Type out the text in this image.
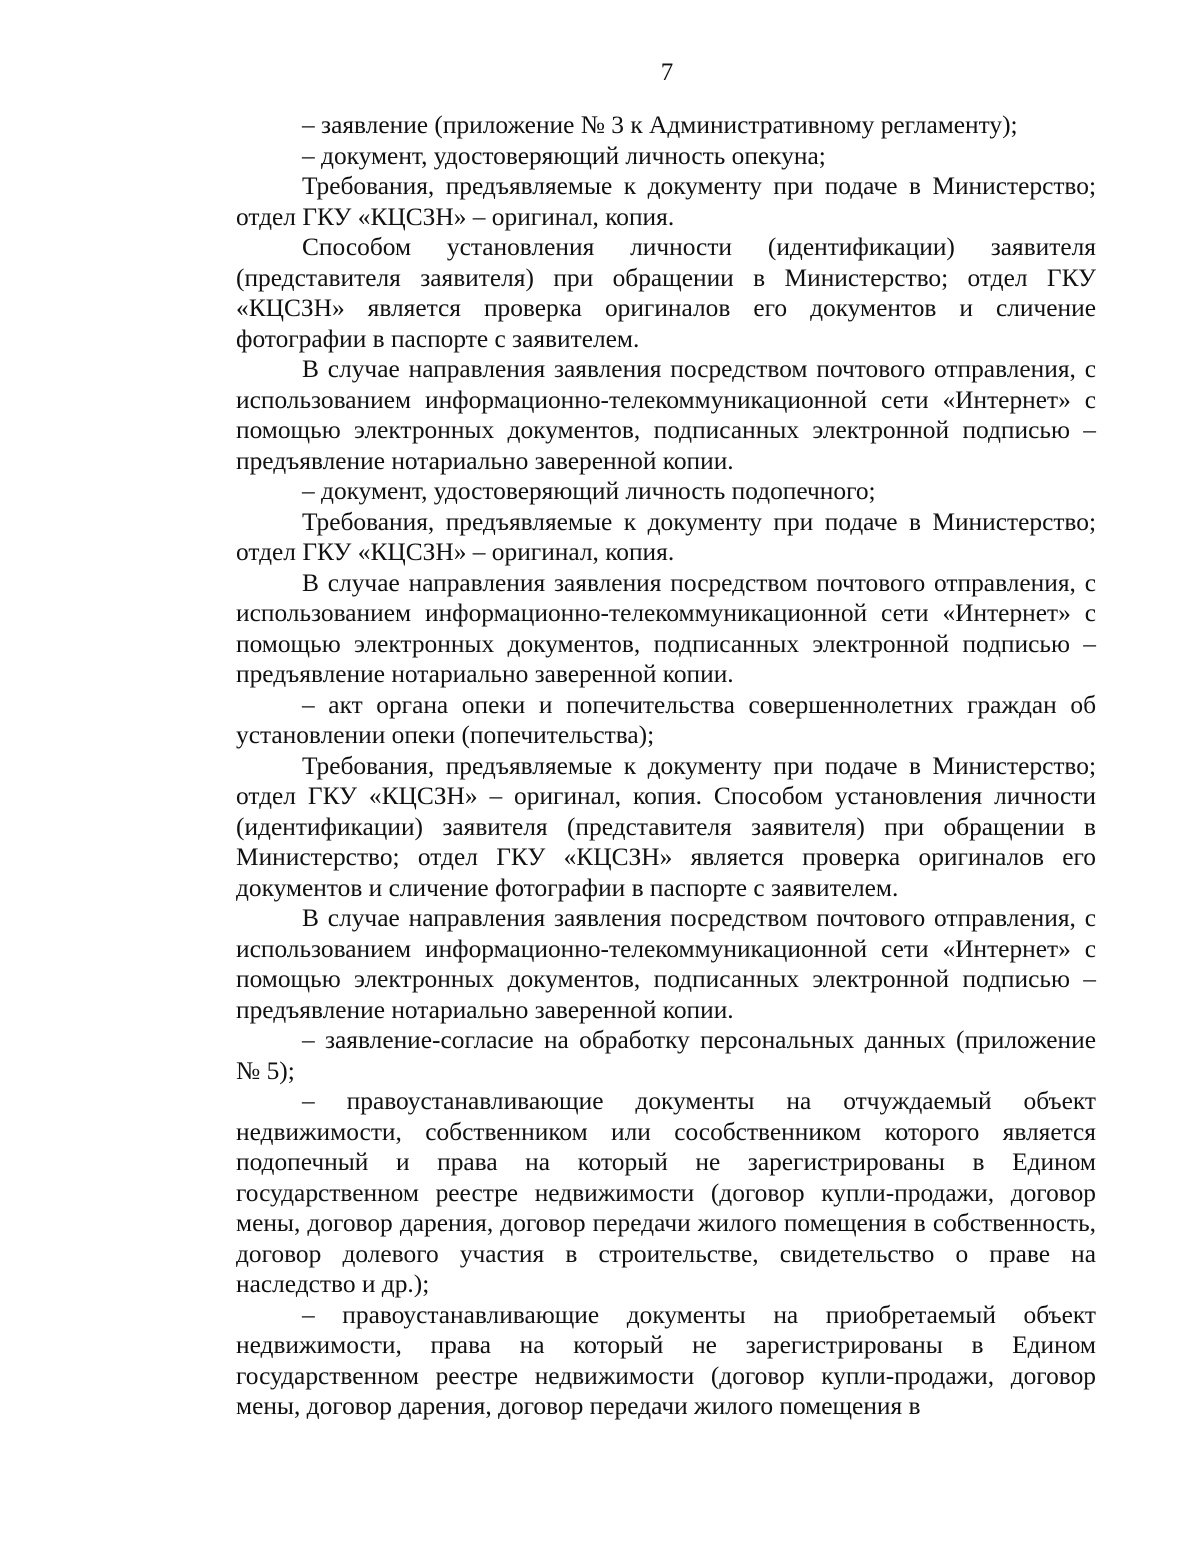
7

– заявление (приложение № 3 к Административному регламенту);

– документ, удостоверяющий личность опекуна;

Требования, предъявляемые к документу при подаче в Министерство; отдел ГКУ «КЦСЗН» – оригинал, копия.

Способом установления личности (идентификации) заявителя (представителя заявителя) при обращении в Министерство; отдел ГКУ «КЦСЗН» является проверка оригиналов его документов и сличение фотографии в паспорте с заявителем.

В случае направления заявления посредством почтового отправления, с использованием информационно-телекоммуникационной сети «Интернет» с помощью электронных документов, подписанных электронной подписью – предъявление нотариально заверенной копии.

– документ, удостоверяющий личность подопечного;

Требования, предъявляемые к документу при подаче в Министерство; отдел ГКУ «КЦСЗН» – оригинал, копия.

В случае направления заявления посредством почтового отправления, с использованием информационно-телекоммуникационной сети «Интернет» с помощью электронных документов, подписанных электронной подписью – предъявление нотариально заверенной копии.

– акт органа опеки и попечительства совершеннолетних граждан об установлении опеки (попечительства);

Требования, предъявляемые к документу при подаче в Министерство; отдел ГКУ «КЦСЗН» – оригинал, копия. Способом установления личности (идентификации) заявителя (представителя заявителя) при обращении в Министерство; отдел ГКУ «КЦСЗН» является проверка оригиналов его документов и сличение фотографии в паспорте с заявителем.

В случае направления заявления посредством почтового отправления, с использованием информационно-телекоммуникационной сети «Интернет» с помощью электронных документов, подписанных электронной подписью – предъявление нотариально заверенной копии.

– заявление-согласие на обработку персональных данных (приложение № 5);

– правоустанавливающие документы на отчуждаемый объект недвижимости, собственником или сособственником которого является подопечный и права на который не зарегистрированы в Едином государственном реестре недвижимости (договор купли-продажи, договор мены, договор дарения, договор передачи жилого помещения в собственность, договор долевого участия в строительстве, свидетельство о праве на наследство и др.);

– правоустанавливающие документы на приобретаемый объект недвижимости, права на который не зарегистрированы в Едином государственном реестре недвижимости (договор купли-продажи, договор мены, договор дарения, договор передачи жилого помещения в
